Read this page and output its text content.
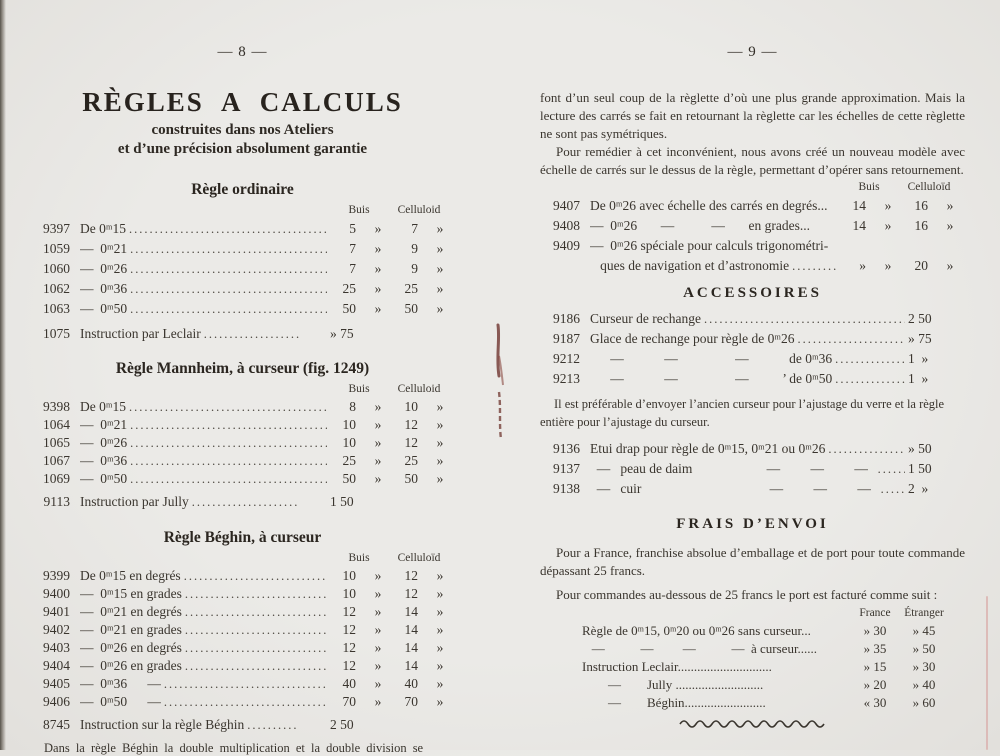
— 8 —
RÈGLES A CALCULS
construites dans nos Ateliers
et d’une précision absolument garantie
Règle ordinaire
Buis	Celluloid
9397 De 0ᵐ15 .....	5	»	7	»
1059 —  0ᵐ21 .....	7	»	9	»
1060 —  0ᵐ26 .....	7	»	9	»
1062 —  0ᵐ36 .....	25	»	25	»
1063 —  0ᵐ50 .....	50	»	50	»
1075 Instruction par Leclair .....	» 75
Règle Mannheim, à curseur (fig. 1249)
Buis	Celluloid
9398 De 0ᵐ15 .....	8	»	10	»
1064 —  0ᵐ21 .....	10	»	12	»
1065 —  0ᵐ26 .....	10	»	12	»
1067 —  0ᵐ36 .....	25	»	25	»
1069 —  0ᵐ50 .....	50	»	50	»
9113 Instruction par Jully .....	1 50
Règle Béghin, à curseur
Buis	Celluloïd
9399 De 0ᵐ15 en degrés .....	10	»	12	»
9400 —  0ᵐ15 en grades .....	10	»	12	»
9401 —  0ᵐ21 en degrés .....	12	»	14	»
9402 —  0ᵐ21 en grades .....	12	»	14	»
9403 —  0ᵐ26 en degrés .....	12	»	14	»
9404 —  0ᵐ26 en grades .....	12	»	14	»
9405 —  0ᵐ36      — .....	40	»	40	»
9406 —  0ᵐ50      — .....	70	»	70	»
8745 Instruction sur la règle Béghin .....	2 50

Dans la règle Béghin la double multiplication et la double division se

— 9 —

font d’un seul coup de la règlette d’où une plus grande approximation. Mais la lecture des carrés se fait en retournant la règlette car les échelles de cette règlette ne sont pas symétriques.

Pour remédier à cet inconvénient, nous avons créé un nouveau modèle avec échelle de carrés sur le dessus de la règle, permettant d’opérer sans retournement.

Buis	Celluloïd
9407 De 0ᵐ26 avec échelle des carrés en degrés...	14	»	16	»
9408 —  0ᵐ26       —           —       en grades...	14	»	16	»
9409 —  0ᵐ26 spéciale pour calculs trigonométri-
ques de navigation et d’astronomie .....	»	»	20	»
ACCESSOIRES
9186 Curseur de rechange .....	2 50
9187 Glace de rechange pour règle de 0ᵐ26 .....	» 75
9212 —            —                 —            de 0ᵐ36 .....	1  »
9213 —            —                 —          ’ de 0ᵐ50 .....	1  »

Il est préférable d’envoyer l’ancien curseur pour l’ajustage du verre et la règle entière pour l’ajustage du curseur.

9136 Etui drap pour règle de 0ᵐ15, 0ᵐ21 ou 0ᵐ26 .....	» 50
9137 —   peau de daim                      —         —         — ..... 1 50
9138 —   cuir                                      —         —         — ..... 2  »
FRAIS D’ENVOI

Pour a France, franchise absolue d’emballage et de port pour toute commande dépassant 25 francs.

Pour commandes au-dessous de 25 francs le port est facturé comme suit :

France	Étranger
Règle de 0ᵐ15, 0ᵐ20 ou 0ᵐ26 sans curseur...	» 30	» 45
—           —         —           —  à curseur......	» 35	» 50
Instruction Leclair.............................	» 15	» 30
—        Jully ...........................	» 20	» 40
—        Béghin.........................	« 30	» 60
